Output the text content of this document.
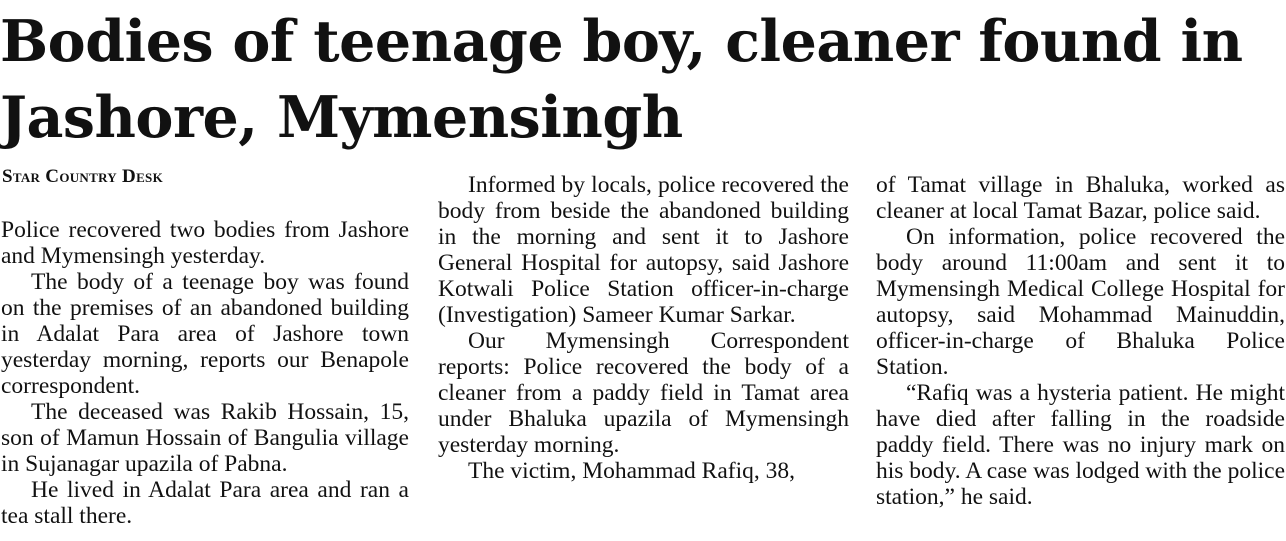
Bodies of teenage boy, cleaner found in Jashore, Mymensingh
Star Country Desk

Police recovered two bodies from Jashore and Mymensingh yesterday.

The body of a teenage boy was found on the premises of an abandoned building in Adalat Para area of Jashore town yesterday morning, reports our Benapole correspondent.

The deceased was Rakib Hossain, 15, son of Mamun Hossain of Bangulia village in Sujanagar upazila of Pabna.

He lived in Adalat Para area and ran a tea stall there.

Informed by locals, police recovered the body from beside the abandoned building in the morning and sent it to Jashore General Hospital for autopsy, said Jashore Kotwali Police Station officer-in-charge (Investigation) Sameer Kumar Sarkar.

Our Mymensingh Correspondent reports: Police recovered the body of a cleaner from a paddy field in Tamat area under Bhaluka upazila of Mymensingh yesterday morning.

The victim, Mohammad Rafiq, 38,

of Tamat village in Bhaluka, worked as cleaner at local Tamat Bazar, police said.

On information, police recovered the body around 11:00am and sent it to Mymensingh Medical College Hospital for autopsy, said Mohammad Mainuddin, officer-in-charge of Bhaluka Police Station.

“Rafiq was a hysteria patient. He might have died after falling in the roadside paddy field. There was no injury mark on his body. A case was lodged with the police station,” he said.
